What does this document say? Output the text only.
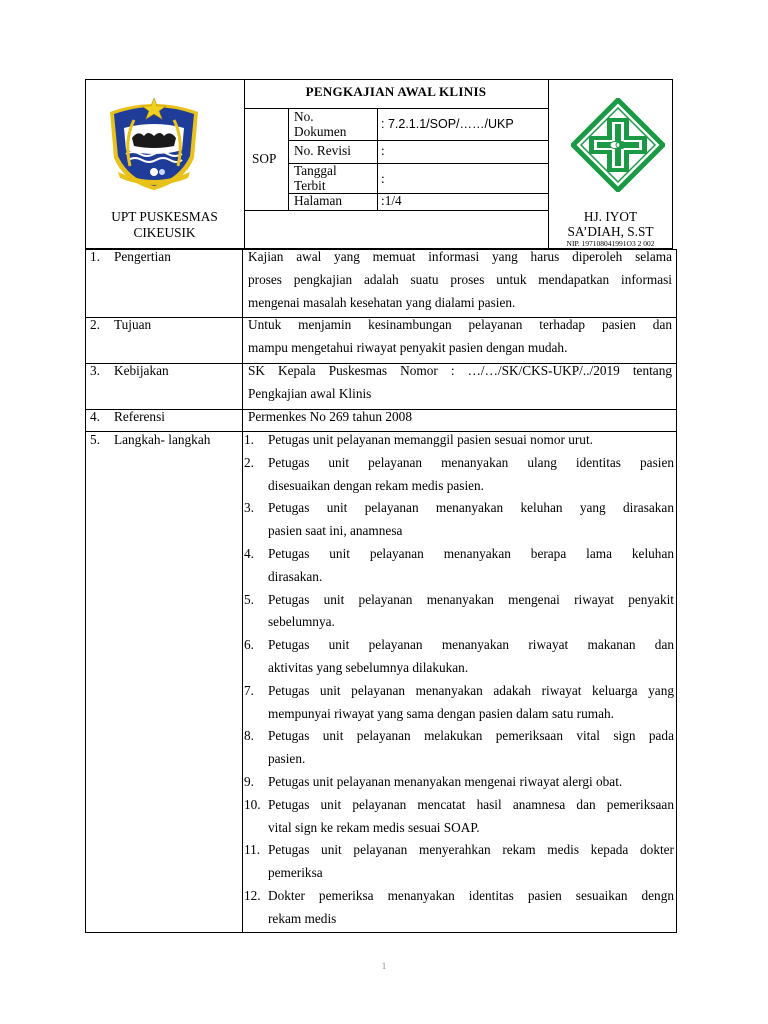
PENGKAJIAN AWAL KLINIS
SOP
No.
Dokumen	: 7.2.1.1/SOP/……/UKP
No. Revisi :
Tanggal
Terbit	:
Halaman	:1/4
UPT PUSKESMAS
CIKEUSIK
HJ. IYOT
SA’DIAH, S.ST
NIP. 197108041991O3 2 002
1. Pengertian	Kajian awal yang memuat informasi yang harus diperoleh selama
proses pengkajian adalah suatu proses untuk mendapatkan informasi
mengenai masalah kesehatan yang dialami pasien.
2. Tujuan	Untuk menjamin kesinambungan pelayanan terhadap pasien dan
mampu mengetahui riwayat penyakit pasien dengan mudah.
3. Kebijakan	SK Kepala Puskesmas Nomor : …/…/SK/CKS-UKP/../2019 tentang
Pengkajian awal Klinis
4. Referensi	Permenkes No 269 tahun 2008
5. Langkah- langkah	1. Petugas unit pelayanan memanggil pasien sesuai nomor urut.
2. Petugas unit pelayanan menanyakan ulang identitas pasien
disesuaikan dengan rekam medis pasien.
3. Petugas unit pelayanan menanyakan keluhan yang dirasakan
pasien saat ini, anamnesa
4. Petugas unit pelayanan menanyakan berapa lama keluhan
dirasakan.
5. Petugas unit pelayanan menanyakan mengenai riwayat penyakit
sebelumnya.
6. Petugas unit pelayanan menanyakan riwayat makanan dan
aktivitas yang sebelumnya dilakukan.
7. Petugas unit pelayanan menanyakan adakah riwayat keluarga yang
mempunyai riwayat yang sama dengan pasien dalam satu rumah.
8. Petugas unit pelayanan melakukan pemeriksaan vital sign pada
pasien.
9. Petugas unit pelayanan menanyakan mengenai riwayat alergi obat.
10. Petugas unit pelayanan mencatat hasil anamnesa dan pemeriksaan
vital sign ke rekam medis sesuai SOAP.
11. Petugas unit pelayanan menyerahkan rekam medis kepada dokter
pemeriksa
12. Dokter pemeriksa menanyakan identitas pasien sesuaikan dengn
rekam medis
1
